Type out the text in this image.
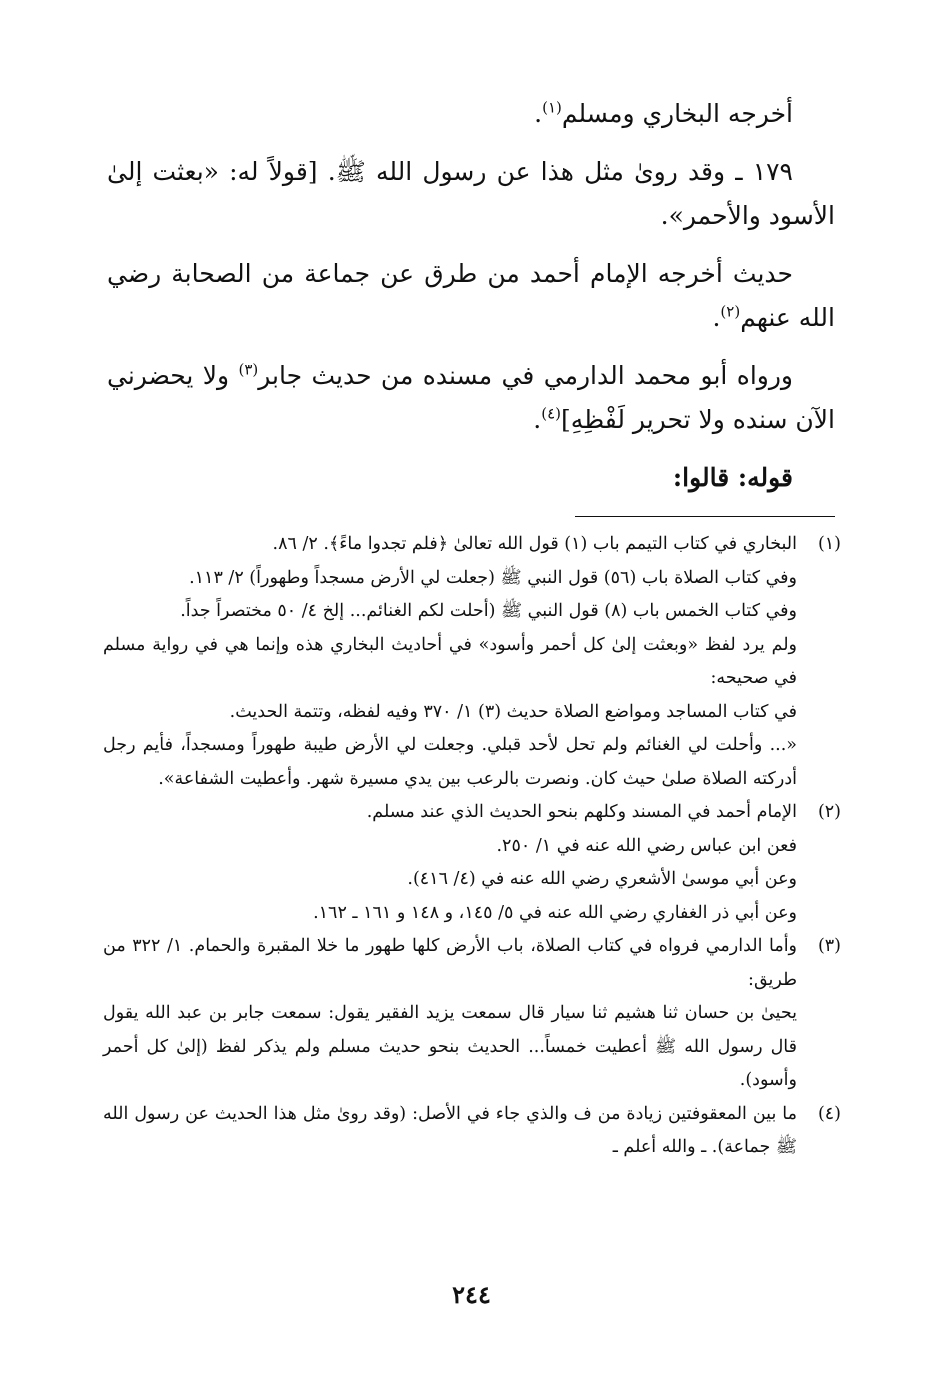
أخرجه البخاري ومسلم$^{(١)}$.

١٧٩ ـ وقد روىٰ مثل هذا عن رسول الله ﷺ. [قولاً له: «بعثت إلىٰ الأسود والأحمر».

حديث أخرجه الإمام أحمد من طرق عن جماعة من الصحابة رضي الله عنهم$^{(٢)}$.

ورواه أبو محمد الدارمي في مسنده من حديث جابر$^{(٣)}$ ولا يحضرني الآن سنده ولا تحرير لَفْظِهِ]$^{(٤)}$.

قوله: قالوا:

(١)
البخاري في كتاب التيمم باب (١) قول الله تعالىٰ ﴿فلم تجدوا ماءً﴾. ٢/ ٨٦.
وفي كتاب الصلاة باب (٥٦) قول النبي ﷺ (جعلت لي الأرض مسجداً وطهوراً) ٢/ ١١٣.
وفي كتاب الخمس باب (٨) قول النبي ﷺ (أحلت لكم الغنائم... إلخ ٤/ ٥٠ مختصراً جداً.
ولم يرد لفظ «وبعثت إلىٰ كل أحمر وأسود» في أحاديث البخاري هذه وإنما هي في رواية مسلم في صحيحه:
في كتاب المساجد ومواضع الصلاة حديث (٣) ١/ ٣٧٠ وفيه لفظه، وتتمة الحديث.
«... وأحلت لي الغنائم ولم تحل لأحد قبلي. وجعلت لي الأرض طيبة طهوراً ومسجداً، فأيم رجل أدركته الصلاة صلىٰ حيث كان. ونصرت بالرعب بين يدي مسيرة شهر. وأعطيت الشفاعة».
(٢)
الإمام أحمد في المسند وكلهم بنحو الحديث الذي عند مسلم.
فعن ابن عباس رضي الله عنه في ١/ ٢٥٠.
وعن أبي موسىٰ الأشعري رضي الله عنه في (٤/ ٤١٦).
وعن أبي ذر الغفاري رضي الله عنه في ٥/ ١٤٥، و ١٤٨ و ١٦١ ـ ١٦٢.
(٣)
وأما الدارمي فرواه في كتاب الصلاة، باب الأرض كلها طهور ما خلا المقبرة والحمام. ١/ ٣٢٢ من طريق:
يحيىٰ بن حسان ثنا هشيم ثنا سيار قال سمعت يزيد الفقير يقول: سمعت جابر بن عبد الله يقول قال رسول الله ﷺ أعطيت خمساً... الحديث بنحو حديث مسلم ولم يذكر لفظ (إلىٰ كل أحمر وأسود).
(٤)
ما بين المعقوفتين زيادة من ف والذي جاء في الأصل: (وقد روىٰ مثل هذا الحديث عن رسول الله ﷺ جماعة). ـ والله أعلم ـ
٢٤٤
